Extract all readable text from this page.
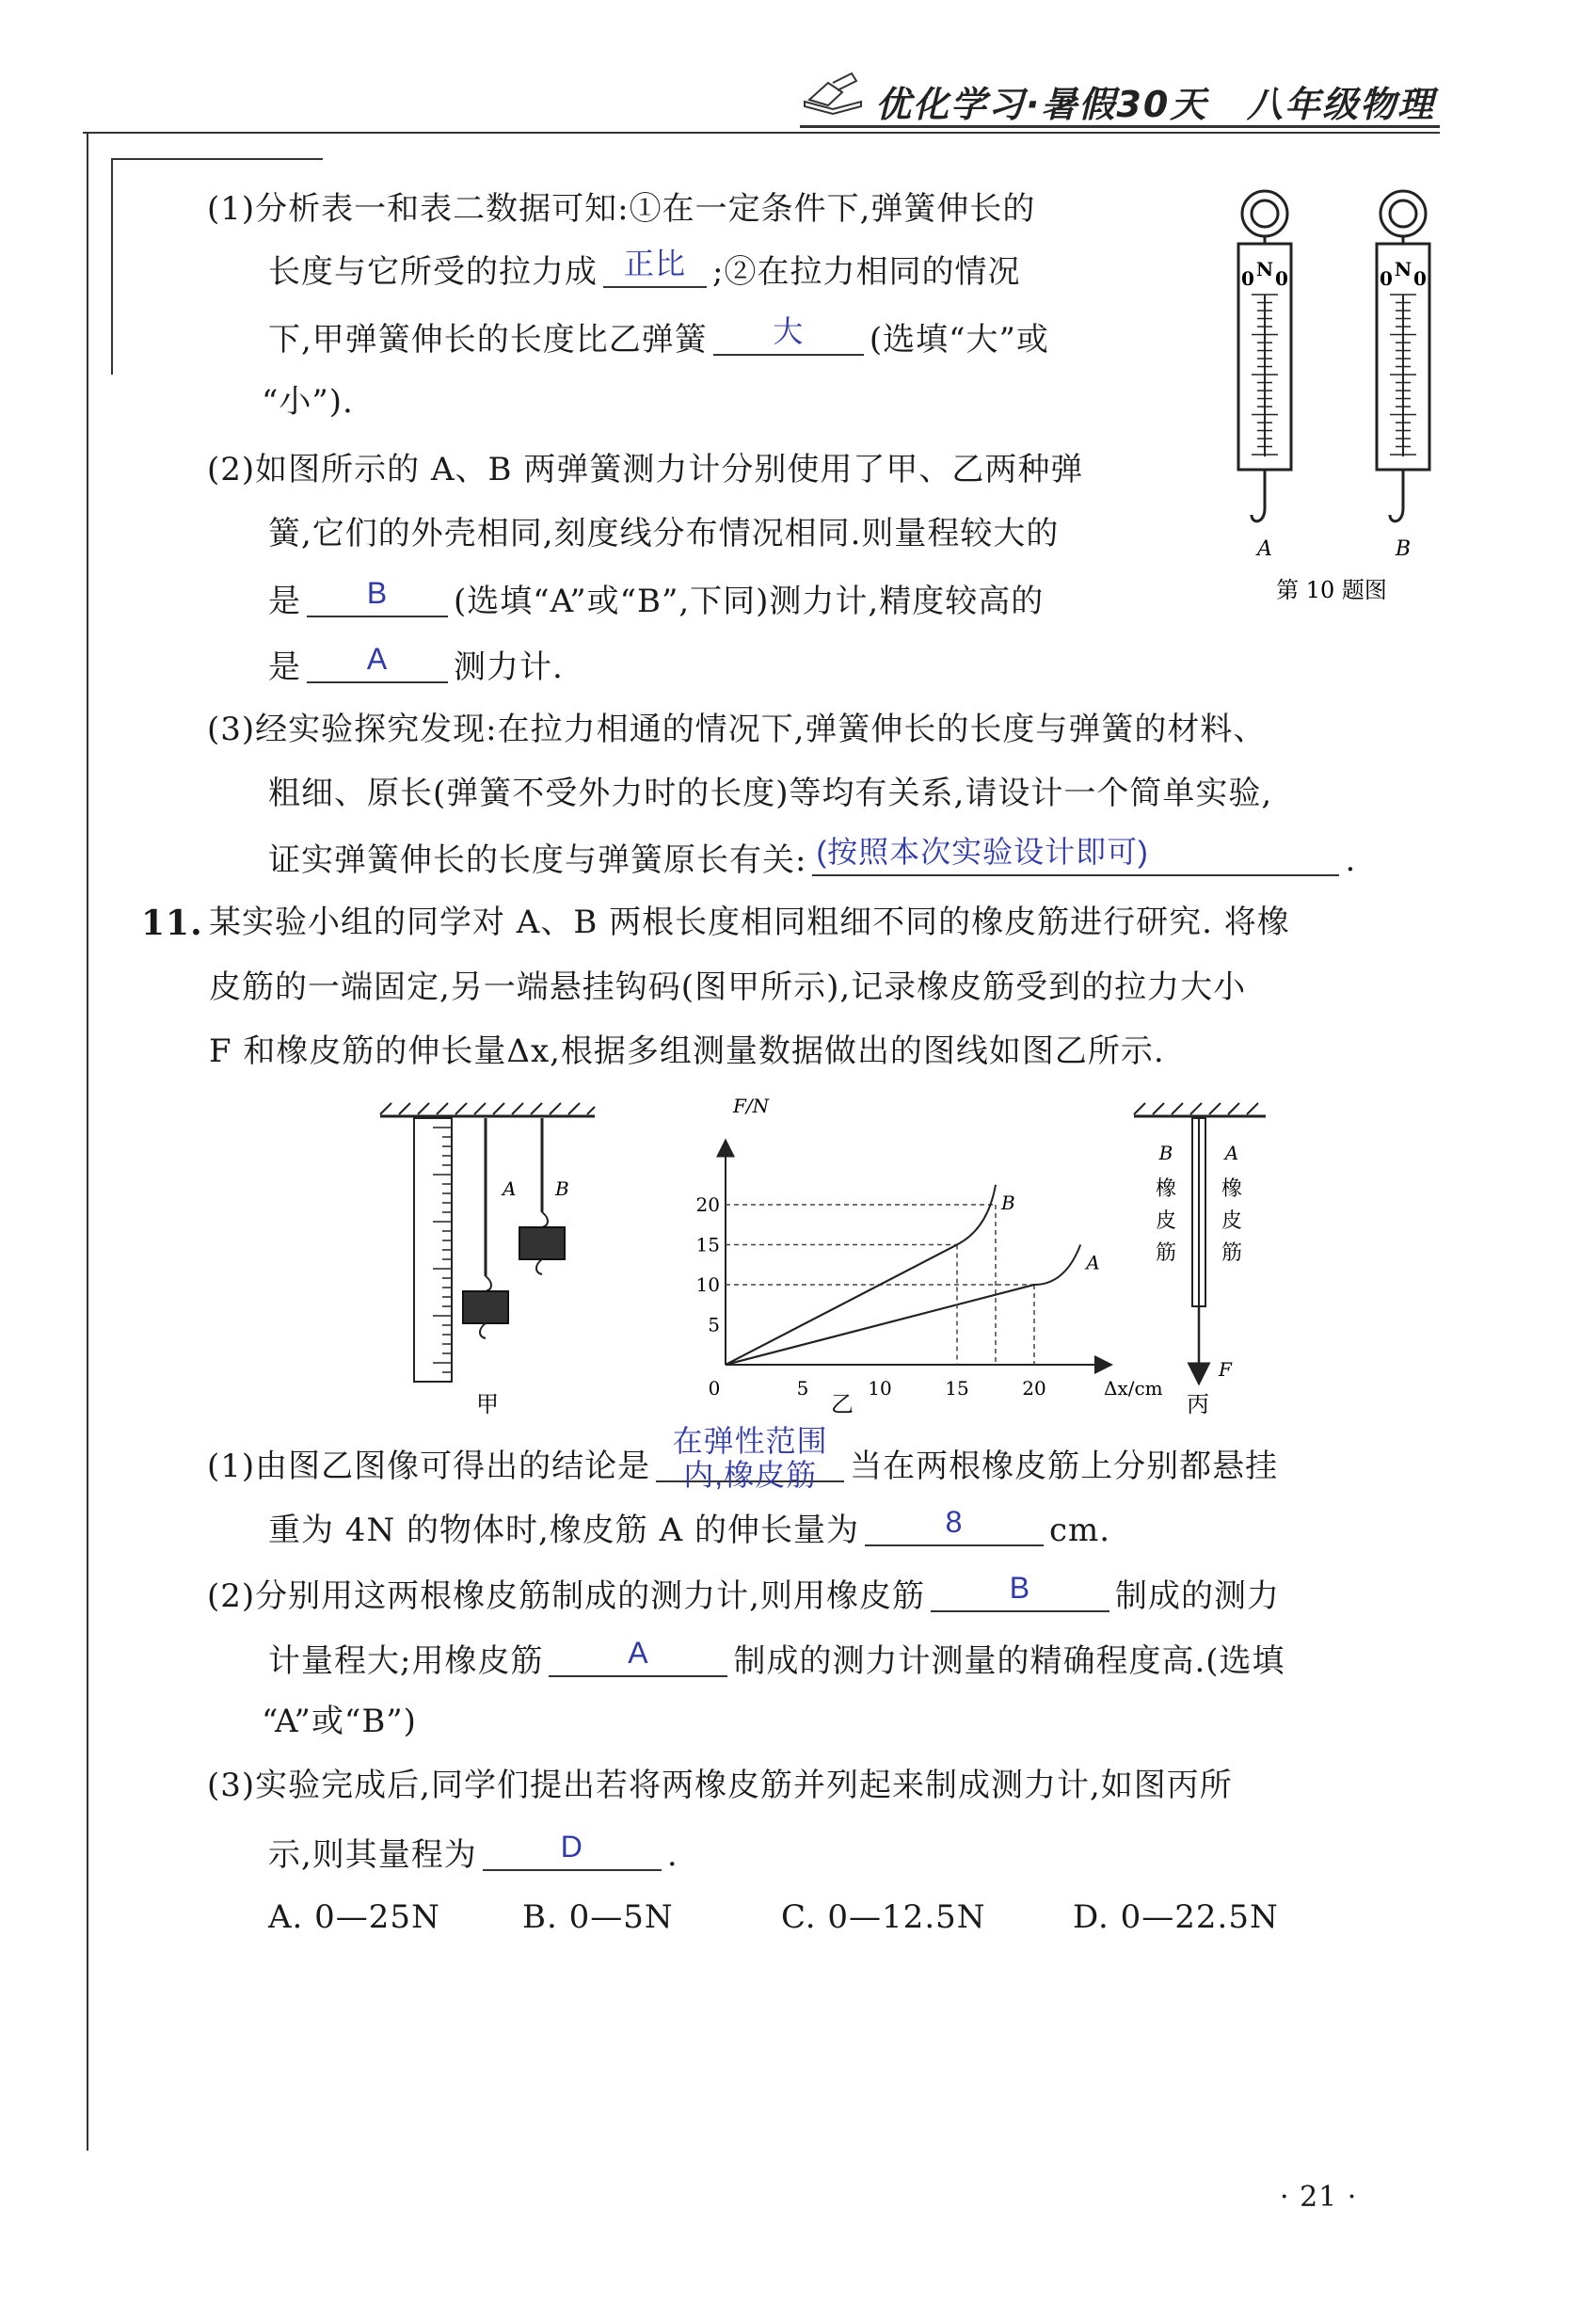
优化学习·暑假30天 八年级物理
(1)分析表一和表二数据可知:①在一定条件下,弹簧伸长的
长度与它所受的拉力成 正比 ;②在拉力相同的情况
下,甲弹簧伸长的长度比乙弹簧	大	(选填“大”或
“小”).
(2)如图所示的 A、B 两弹簧测力计分别使用了甲、乙两种弹
簧,它们的外壳相同,刻度线分布情况相同.则量程较大的
是	B	(选填“A”或“B”,下同)测力计,精度较高的
是	A	测力计.
(3)经实验探究发现:在拉力相通的情况下,弹簧伸长的长度与弹簧的材料、
粗细、原长(弹簧不受外力时的长度)等均有关系,请设计一个简单实验,
证实弹簧伸长的长度与弹簧原长有关: (按照本次实验设计即可)	.
N
0 0
A
N
0 0
B
第 10 题图
11. 某实验小组的同学对 A、B 两根长度相同粗细不同的橡皮筋进行研究. 将橡
皮筋的一端固定,另一端悬挂钩码(图甲所示),记录橡皮筋受到的拉力大小
F 和橡皮筋的伸长量Δx,根据多组测量数据做出的图线如图乙所示.
A B
甲
F/N
Δx/cm
0	5	10	15	20
5
10
15
20
A
B
乙
B	A
橡
皮
筋
橡
皮
筋
F
丙
(1)由图乙图像可得出的结论是
在弹性范围
内,橡皮筋	当在两根橡皮筋上分别都悬挂
重为 4N 的物体时,橡皮筋 A 的伸长量为	8	cm.
(2)分别用这两根橡皮筋制成的测力计,则用橡皮筋	B	制成的测力
计量程大;用橡皮筋	A	制成的测力计测量的精确程度高.(选填
“A”或“B”)
(3)实验完成后,同学们提出若将两橡皮筋并列起来制成测力计,如图丙所
示,则其量程为	D	.
A. 0—25N	B. 0—5N	C. 0—12.5N	D. 0—22.5N
· 21 ·
